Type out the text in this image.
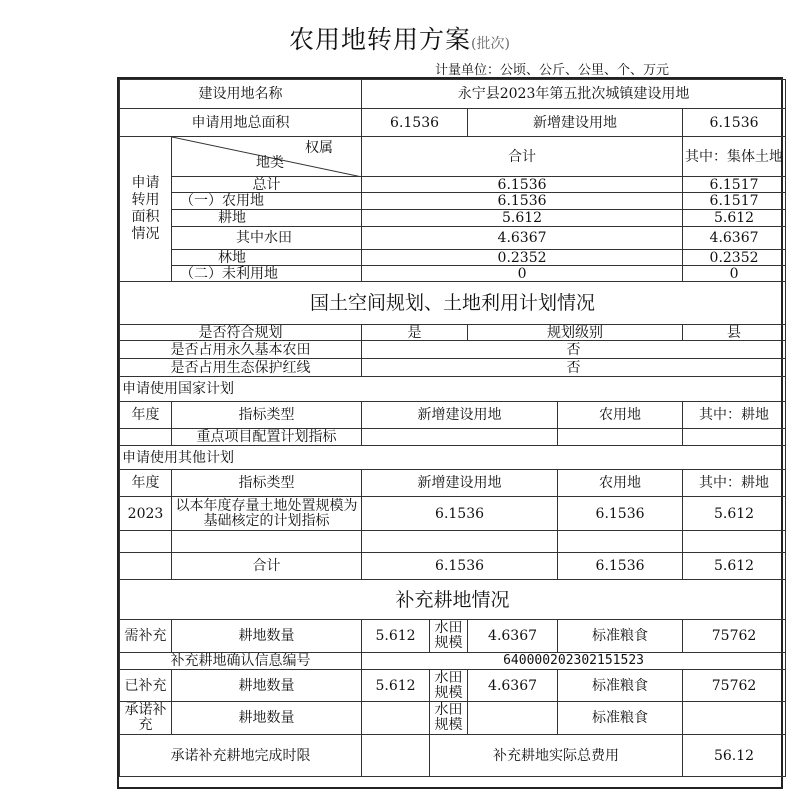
农用地转用方案(批次)
计量单位：公顷、公斤、公里、个、万元
建设用地名称		永宁县2023年第五批次城镇建设用地				
申请用地总面积		6.1536		新增建设用地		6.1536
申请转用面积情况	权属
地类	合计				其中：集体土地
	总计	6.1536				6.1517
	（一）农用地	6.1536				6.1517
	耕地	5.612				5.612
	其中水田	4.6367				4.6367
	林地	0.2352				0.2352
	（二）未利用地	0				0
国土空间规划、土地利用计划情况						
是否符合规划		是		规划级别		县
是否占用永久基本农田		否				
是否占用生态保护红线		否				
申请使用国家计划						
年度	指标类型	新增建设用地			农用地	其中：耕地
	重点项目配置计划指标					
申请使用其他计划						
年度	指标类型	新增建设用地			农用地	其中：耕地
2023	以本年度存量土地处置规模为基础核定的计划指标	6.1536			6.1536	5.612

	合计	6.1536			6.1536	5.612
补充耕地情况						
需补充	耕地数量	5.612	水田规模	4.6367	标准粮食	75762
补充耕地确认信息编号		640000202302151523				
已补充	耕地数量	5.612	水田规模	4.6367	标准粮食	75762
承诺补充	耕地数量		水田规模		标准粮食	
承诺补充耕地完成时限			补充耕地实际总费用			56.12
